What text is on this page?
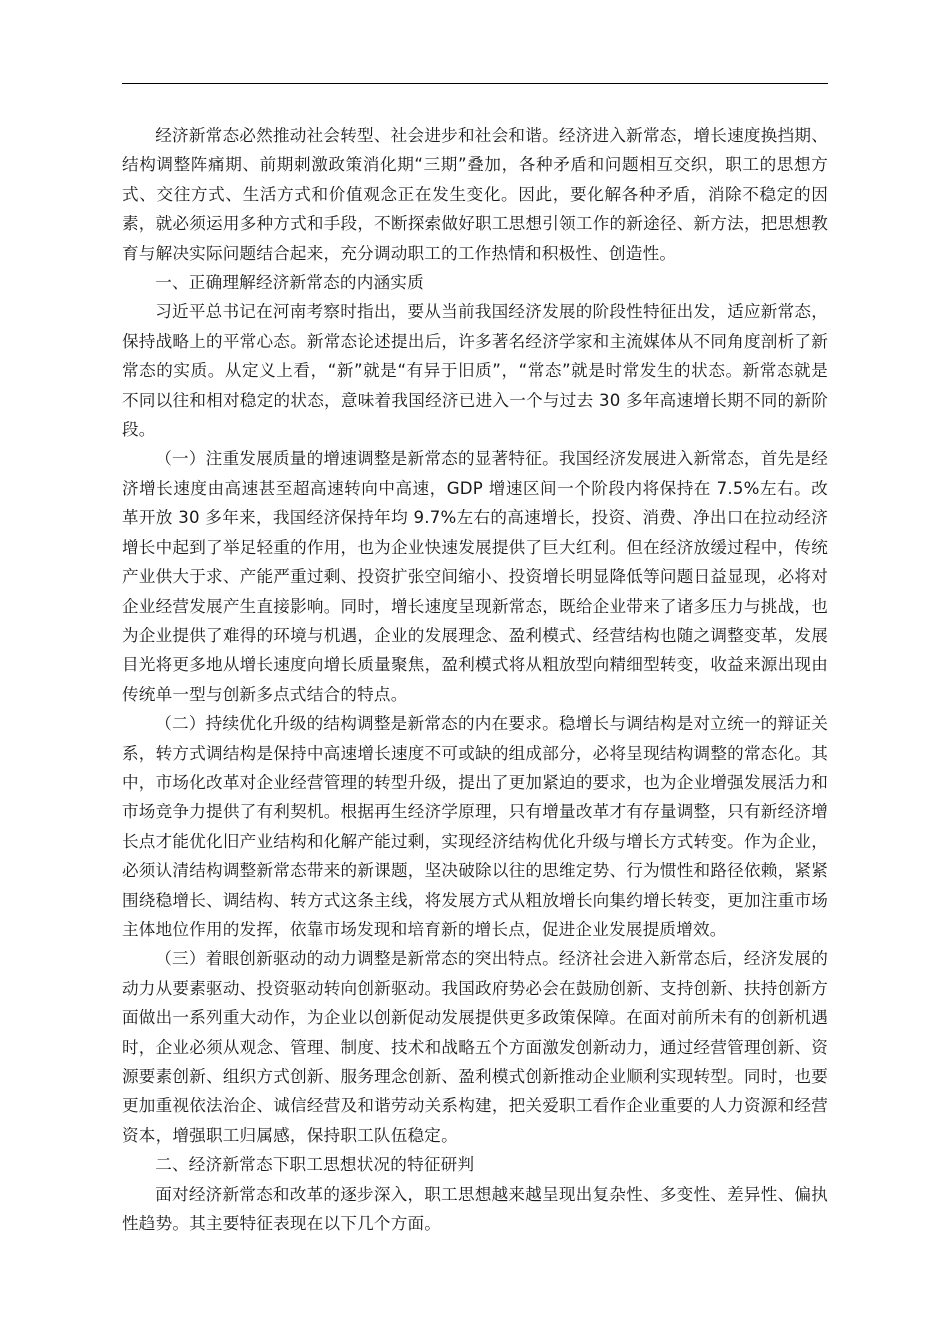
经济新常态必然推动社会转型、社会进步和社会和谐。经济进入新常态，增长速度换挡期、结构调整阵痛期、前期刺激政策消化期“三期”叠加，各种矛盾和问题相互交织，职工的思想方式、交往方式、生活方式和价值观念正在发生变化。因此，要化解各种矛盾，消除不稳定的因素，就必须运用多种方式和手段，不断探索做好职工思想引领工作的新途径、新方法，把思想教育与解决实际问题结合起来，充分调动职工的工作热情和积极性、创造性。

一、正确理解经济新常态的内涵实质

习近平总书记在河南考察时指出，要从当前我国经济发展的阶段性特征出发，适应新常态，保持战略上的平常心态。新常态论述提出后，许多著名经济学家和主流媒体从不同角度剖析了新常态的实质。从定义上看，“新”就是“有异于旧质”，“常态”就是时常发生的状态。新常态就是不同以往和相对稳定的状态，意味着我国经济已进入一个与过去 30 多年高速增长期不同的新阶段。

（一）注重发展质量的增速调整是新常态的显著特征。我国经济发展进入新常态，首先是经济增长速度由高速甚至超高速转向中高速，GDP 增速区间一个阶段内将保持在 7.5%左右。改革开放 30 多年来，我国经济保持年均 9.7%左右的高速增长，投资、消费、净出口在拉动经济增长中起到了举足轻重的作用，也为企业快速发展提供了巨大红利。但在经济放缓过程中，传统产业供大于求、产能严重过剩、投资扩张空间缩小、投资增长明显降低等问题日益显现，必将对企业经营发展产生直接影响。同时，增长速度呈现新常态，既给企业带来了诸多压力与挑战，也为企业提供了难得的环境与机遇，企业的发展理念、盈利模式、经营结构也随之调整变革，发展目光将更多地从增长速度向增长质量聚焦，盈利模式将从粗放型向精细型转变，收益来源出现由传统单一型与创新多点式结合的特点。

（二）持续优化升级的结构调整是新常态的内在要求。稳增长与调结构是对立统一的辩证关系，转方式调结构是保持中高速增长速度不可或缺的组成部分，必将呈现结构调整的常态化。其中，市场化改革对企业经营管理的转型升级，提出了更加紧迫的要求，也为企业增强发展活力和市场竞争力提供了有利契机。根据再生经济学原理，只有增量改革才有存量调整，只有新经济增长点才能优化旧产业结构和化解产能过剩，实现经济结构优化升级与增长方式转变。作为企业，必须认清结构调整新常态带来的新课题，坚决破除以往的思维定势、行为惯性和路径依赖，紧紧围绕稳增长、调结构、转方式这条主线，将发展方式从粗放增长向集约增长转变，更加注重市场主体地位作用的发挥，依靠市场发现和培育新的增长点，促进企业发展提质增效。

（三）着眼创新驱动的动力调整是新常态的突出特点。经济社会进入新常态后，经济发展的动力从要素驱动、投资驱动转向创新驱动。我国政府势必会在鼓励创新、支持创新、扶持创新方面做出一系列重大动作，为企业以创新促动发展提供更多政策保障。在面对前所未有的创新机遇时，企业必须从观念、管理、制度、技术和战略五个方面激发创新动力，通过经营管理创新、资源要素创新、组织方式创新、服务理念创新、盈利模式创新推动企业顺利实现转型。同时，也要更加重视依法治企、诚信经营及和谐劳动关系构建，把关爱职工看作企业重要的人力资源和经营资本，增强职工归属感，保持职工队伍稳定。

二、经济新常态下职工思想状况的特征研判

面对经济新常态和改革的逐步深入，职工思想越来越呈现出复杂性、多变性、差异性、偏执性趋势。其主要特征表现在以下几个方面。
